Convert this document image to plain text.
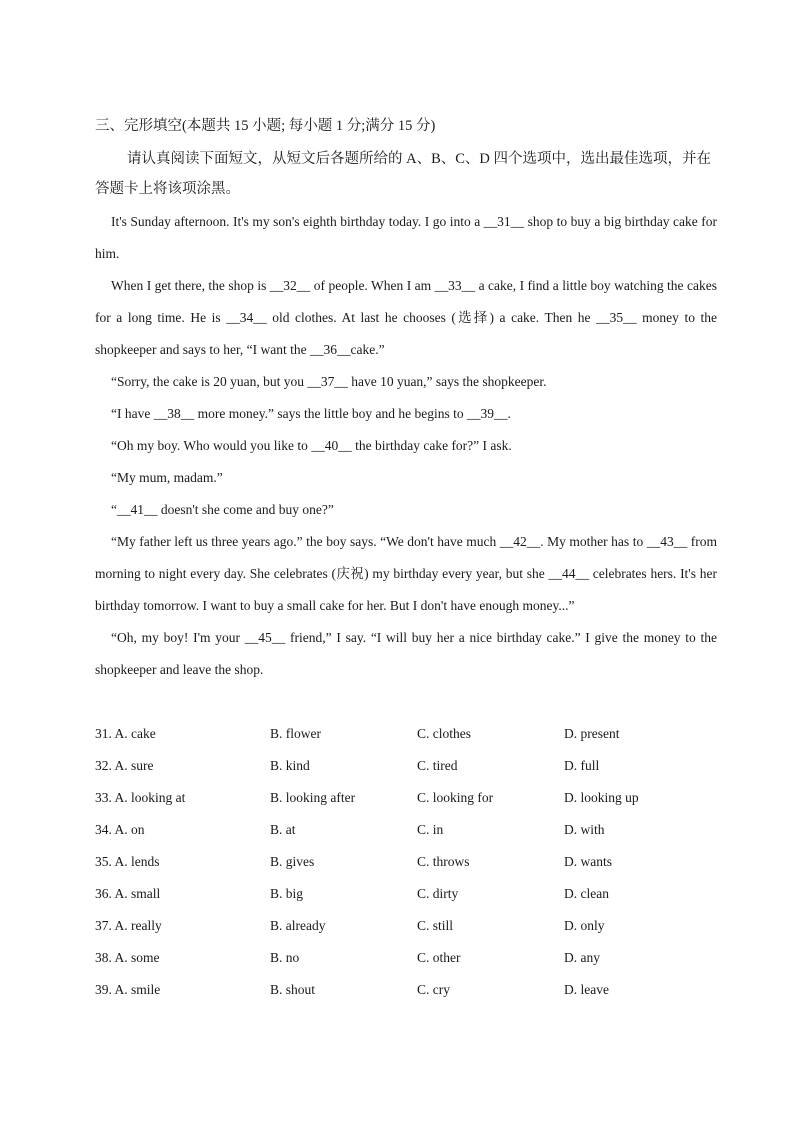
三、完形填空(本题共 15 小题; 每小题 1 分;满分 15 分)
请认真阅读下面短文，从短文后各题所给的 A、B、C、D 四个选项中，选出最佳选项，并在答题卡上将该项涂黑。

It's Sunday afternoon. It's my son's eighth birthday today. I go into a __31__ shop to buy a big birthday cake for him.

When I get there, the shop is __32__ of people. When I am __33__ a cake, I find a little boy watching the cakes for a long time. He is __34__ old clothes. At last he chooses (选择) a cake. Then he __35__ money to the shopkeeper and says to her, “I want the __36__cake.”

“Sorry, the cake is 20 yuan, but you __37__ have 10 yuan,” says the shopkeeper.

“I have __38__ more money.” says the little boy and he begins to __39__.

“Oh my boy. Who would you like to __40__ the birthday cake for?” I ask.

“My mum, madam.”

“__41__ doesn't she come and buy one?”

“My father left us three years ago.” the boy says. “We don't have much __42__. My mother has to __43__ from morning to night every day. She celebrates (庆祝) my birthday every year, but she __44__ celebrates hers. It's her birthday tomorrow. I want to buy a small cake for her. But I don't have enough money...”

“Oh, my boy! I'm your __45__ friend,” I say. “I will buy her a nice birthday cake.” I give the money to the shopkeeper and leave the shop.

31. A. cake	B. flower	C. clothes	D. present
32. A. sure	B. kind	C. tired	D. full
33. A. looking at	B. looking after	C. looking for	D. looking up
34. A. on	B. at	C. in	D. with
35. A. lends	B. gives	C. throws	D. wants
36. A. small	B. big	C. dirty	D. clean
37. A. really	B. already	C. still	D. only
38. A. some	B. no	C. other	D. any
39. A. smile	B. shout	C. cry	D. leave
